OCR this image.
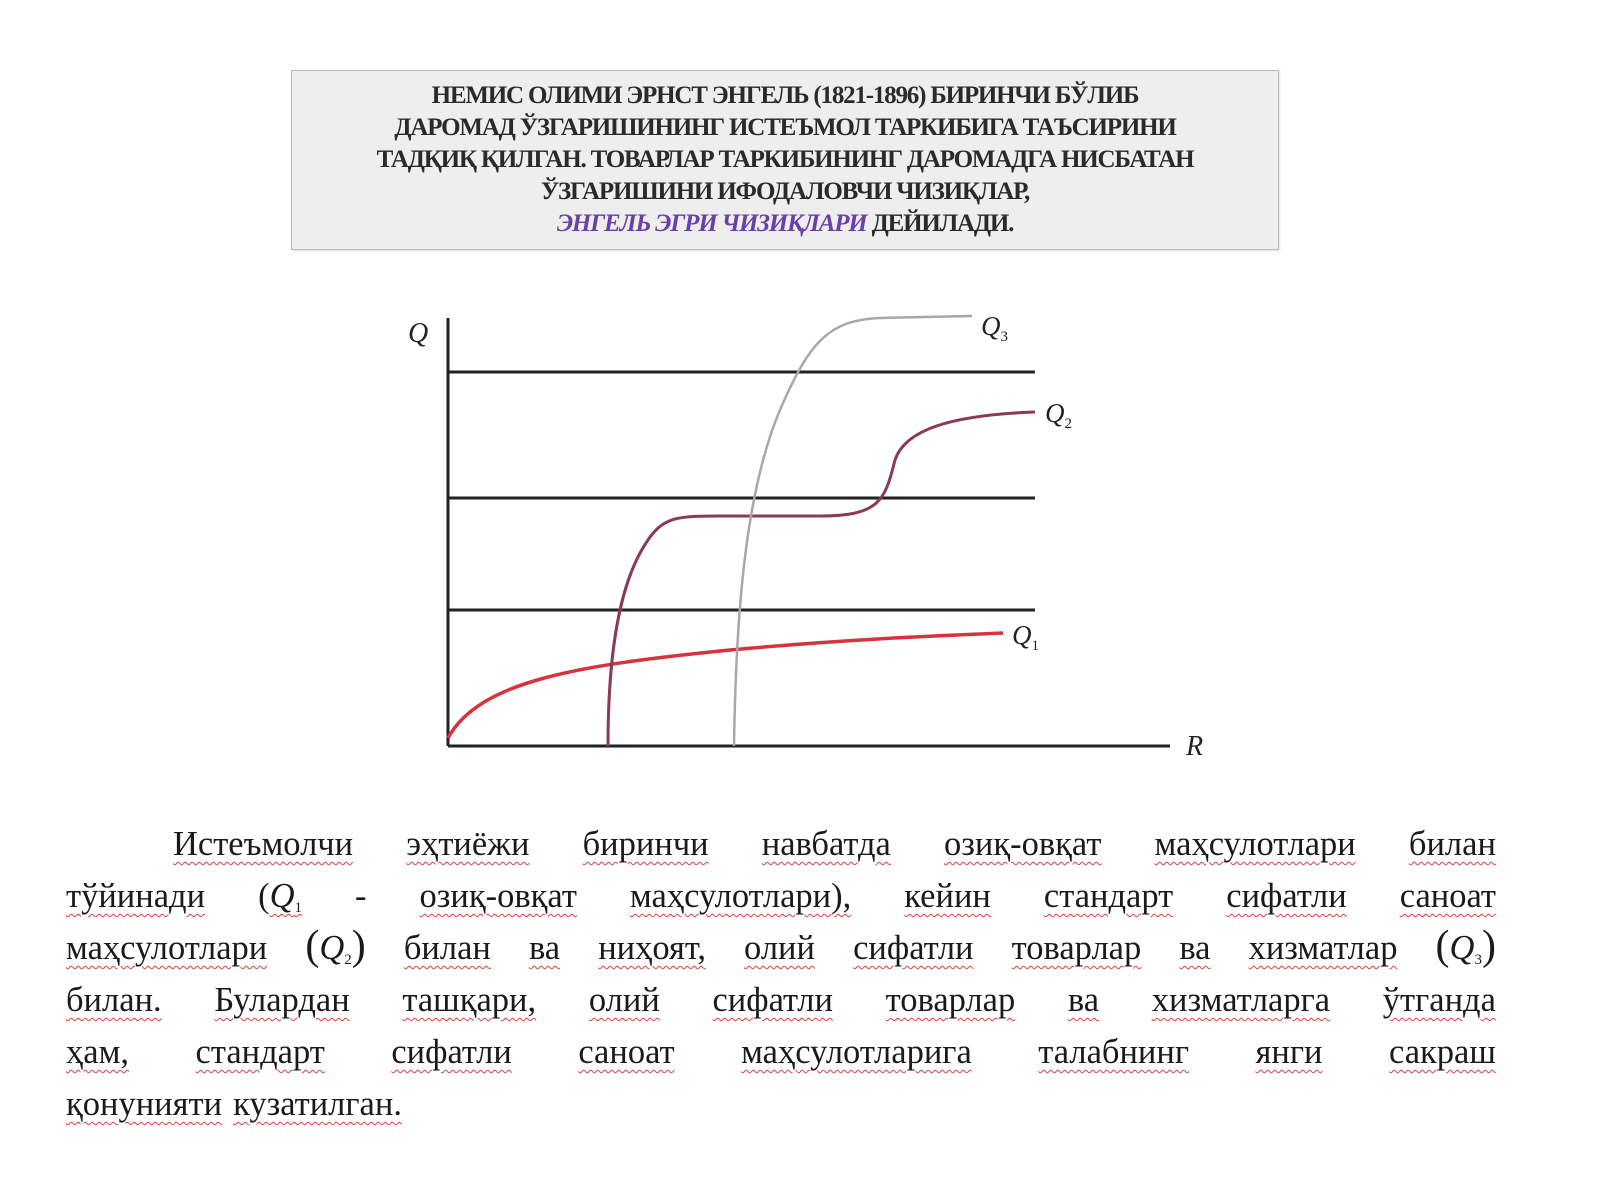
НЕМИС ОЛИМИ ЭРНСТ ЭНГЕЛЬ (1821-1896) БИРИНЧИ БЎЛИБ
ДАРОМАД ЎЗГАРИШИНИНГ ИСТЕЪМОЛ ТАРКИБИГА ТАЪСИРИНИ
ТАДҚИҚ ҚИЛГАН. ТОВАРЛАР ТАРКИБИНИНГ ДАРОМАДГА НИСБАТАН
ЎЗГАРИШИНИ ИФОДАЛОВЧИ ЧИЗИҚЛАР,
ЭНГЕЛЬ ЭГРИ ЧИЗИҚЛАРИ ДЕЙИЛАДИ.
Q
R
$Q_1$
$Q_2$
$Q_3$
Истеъмолчи эҳтиёжи биринчи навбатда озиқ-овқат маҳсулотлари билан
тўйинади ($Q_1$ - озиқ-овқат маҳсулотлари), кейин стандарт сифатли саноат
маҳсулотлари $(Q_2)$ билан ва ниҳоят, олий сифатли товарлар ва хизматлар $(Q_3)$
билан. Булардан ташқари, олий сифатли товарлар ва хизматларга ўтганда
ҳам, стандарт сифатли саноат маҳсулотларига талабнинг янги сакраш
қонунияти кузатилган.
